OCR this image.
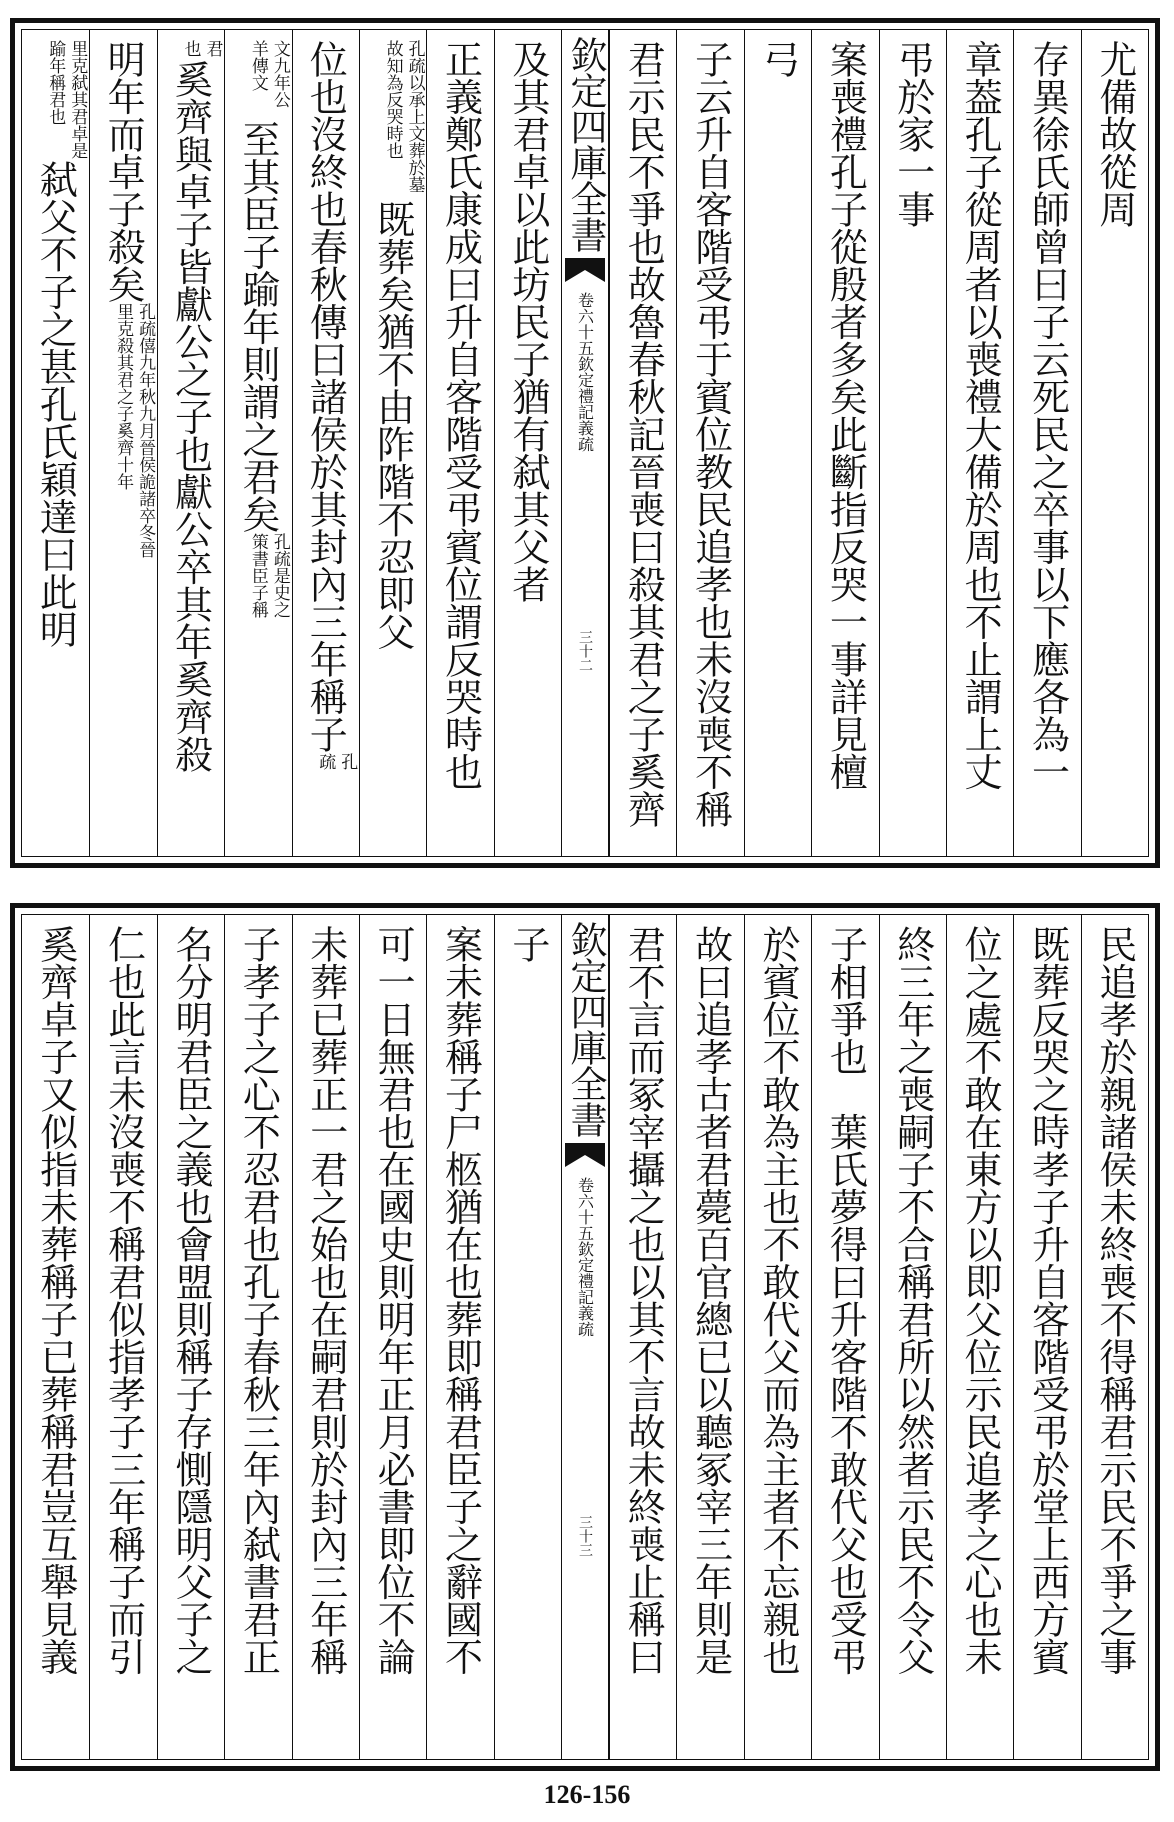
尤備故從周
存異徐氏師曾曰子云死民之卒事以下應各為一
章葢孔子從周者以喪禮大備於周也不止謂上丈
弔於家一事
案喪禮孔子從殷者多矣此斷指反哭一事詳見檀
弓
子云升自客階受弔于賓位教民追孝也未沒喪不稱
君示民不爭也故魯春秋記晉喪曰殺其君之子奚齊
欽定四庫全書
欽定禮記義疏
卷六十五
三十二
及其君卓以此坊民子猶有弑其父者
正義鄭氏康成曰升自客階受弔賓位謂反哭時也
孔疏以承上文葬於墓故知為反哭時也既葬矣猶不由阼階不忍即父
位也沒終也春秋傳曰諸侯於其封內三年稱子孔疏
文九年公羊傳文至其臣子踰年則謂之君矣孔疏是史之策書臣子稱
君也奚齊與卓子皆獻公之子也獻公卒其年奚齊殺
明年而卓子殺矣孔疏僖九年秋九月晉侯詭諸卒冬晉里克殺其君之子奚齊十年
里克弑其君卓是踰年稱君也弑父不子之甚孔氏穎達曰此明
民追孝於親諸侯未終喪不得稱君示民不爭之事
既葬反哭之時孝子升自客階受弔於堂上西方賓
位之處不敢在東方以即父位示民追孝之心也未
終三年之喪嗣子不合稱君所以然者示民不令父
子相爭也　葉氏夢得曰升客階不敢代父也受弔
於賓位不敢為主也不敢代父而為主者不忘親也
故曰追孝古者君薨百官總已以聽冢宰三年則是
君不言而冢宰攝之也以其不言故未終喪止稱曰
欽定四庫全書
欽定禮記義疏
卷六十五
三十三
子
案未葬稱子尸柩猶在也葬即稱君臣子之辭國不
可一日無君也在國史則明年正月必書即位不論
未葬已葬正一君之始也在嗣君則於封內三年稱
子孝子之心不忍君也孔子春秋三年內弑書君正
名分明君臣之義也會盟則稱子存惻隱明父子之
仁也此言未沒喪不稱君似指孝子三年稱子而引
奚齊卓子又似指未葬稱子已葬稱君豈互舉見義
126-156
